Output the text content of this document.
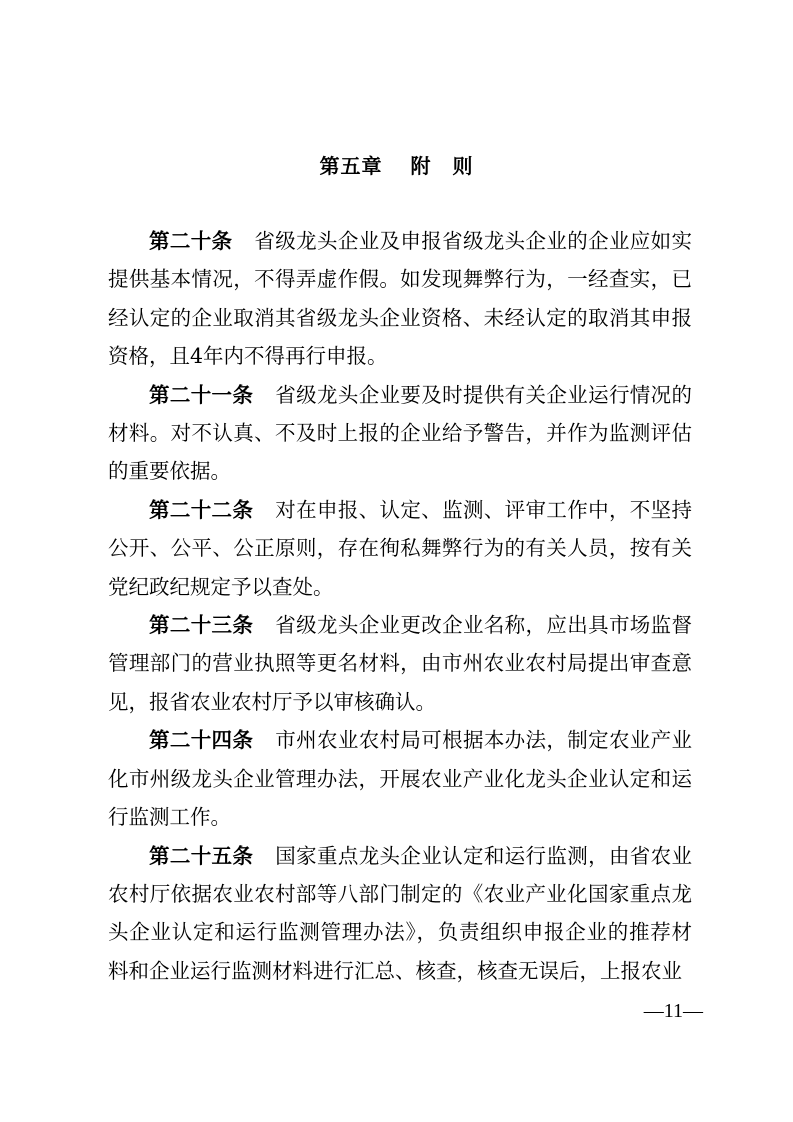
第五章 附　则

第二十条 省级龙头企业及申报省级龙头企业的企业应如实提供基本情况，不得弄虚作假。如发现舞弊行为，一经查实，已经认定的企业取消其省级龙头企业资格、未经认定的取消其申报资格，且4年内不得再行申报。

第二十一条 省级龙头企业要及时提供有关企业运行情况的材料。对不认真、不及时上报的企业给予警告，并作为监测评估的重要依据。

第二十二条 对在申报、认定、监测、评审工作中，不坚持公开、公平、公正原则，存在徇私舞弊行为的有关人员，按有关党纪政纪规定予以查处。

第二十三条 省级龙头企业更改企业名称，应出具市场监督管理部门的营业执照等更名材料，由市州农业农村局提出审查意见，报省农业农村厅予以审核确认。

第二十四条 市州农业农村局可根据本办法，制定农业产业化市州级龙头企业管理办法，开展农业产业化龙头企业认定和运行监测工作。

第二十五条 国家重点龙头企业认定和运行监测，由省农业农村厅依据农业农村部等八部门制定的《农业产业化国家重点龙头企业认定和运行监测管理办法》，负责组织申报企业的推荐材料和企业运行监测材料进行汇总、核查，核查无误后，上报农业

—11—
